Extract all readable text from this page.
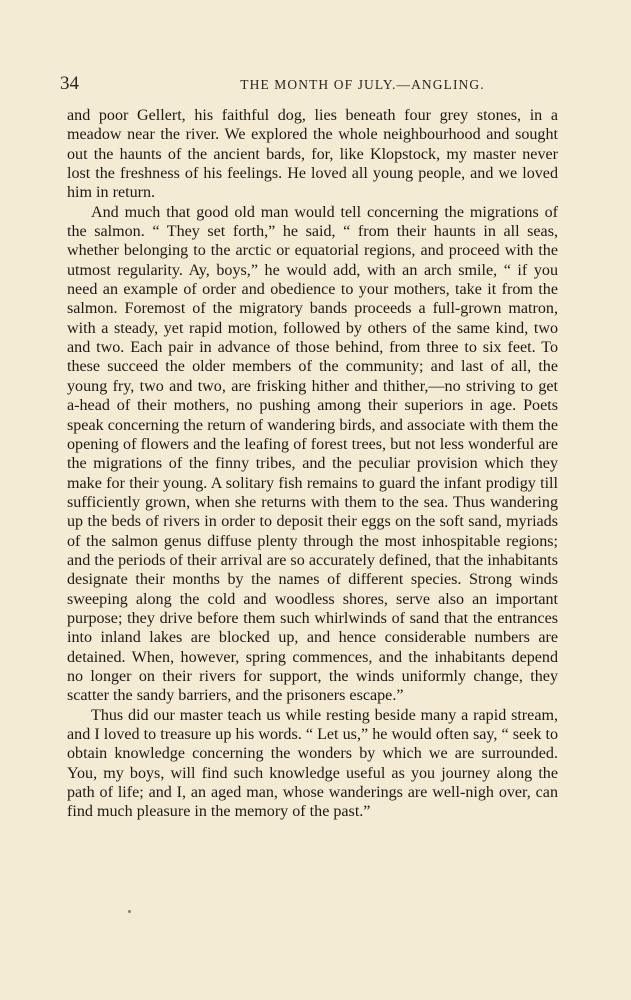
34	THE MONTH OF JULY.—ANGLING.

and poor Gellert, his faithful dog, lies beneath four grey stones, in a meadow near the river. We explored the whole neighbourhood and sought out the haunts of the ancient bards, for, like Klopstock, my master never lost the freshness of his feelings. He loved all young people, and we loved him in return.

And much that good old man would tell concerning the migrations of the salmon. “ They set forth,” he said, “ from their haunts in all seas, whether belonging to the arctic or equatorial regions, and proceed with the utmost regularity. Ay, boys,” he would add, with an arch smile, “ if you need an example of order and obedience to your mothers, take it from the salmon. Foremost of the migratory bands proceeds a full-grown matron, with a steady, yet rapid motion, followed by others of the same kind, two and two. Each pair in advance of those behind, from three to six feet. To these succeed the older members of the community; and last of all, the young fry, two and two, are frisking hither and thither,—no striving to get a-head of their mothers, no pushing among their superiors in age. Poets speak concerning the return of wandering birds, and associate with them the opening of flowers and the leafing of forest trees, but not less wonderful are the migrations of the finny tribes, and the peculiar provision which they make for their young. A solitary fish remains to guard the infant prodigy till sufficiently grown, when she returns with them to the sea. Thus wandering up the beds of rivers in order to deposit their eggs on the soft sand, myriads of the salmon genus diffuse plenty through the most inhospitable regions; and the periods of their arrival are so accurately defined, that the inhabitants designate their months by the names of different species. Strong winds sweeping along the cold and woodless shores, serve also an important purpose; they drive before them such whirlwinds of sand that the entrances into inland lakes are blocked up, and hence considerable numbers are detained. When, however, spring commences, and the inhabitants depend no longer on their rivers for support, the winds uniformly change, they scatter the sandy barriers, and the prisoners escape.”

Thus did our master teach us while resting beside many a rapid stream, and I loved to treasure up his words. “ Let us,” he would often say, “ seek to obtain knowledge concerning the wonders by which we are surrounded. You, my boys, will find such knowledge useful as you journey along the path of life; and I, an aged man, whose wanderings are well-nigh over, can find much pleasure in the memory of the past.”
